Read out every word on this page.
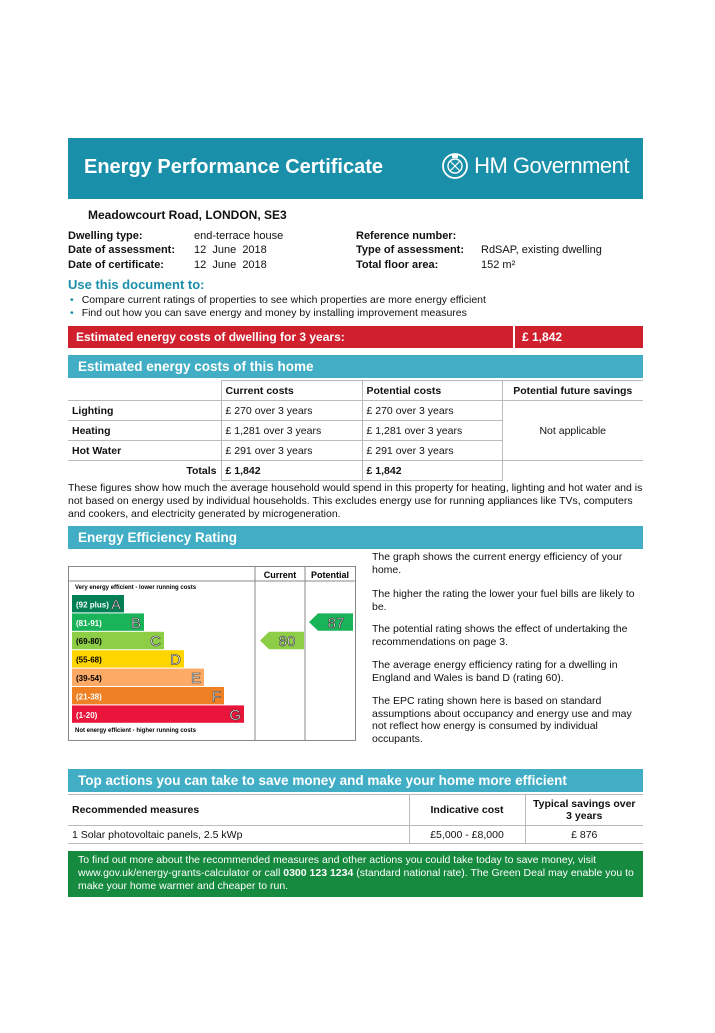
Energy Performance Certificate	HM Government
Meadowcourt Road, LONDON, SE3
Dwelling type:	end-terrace house
Date of assessment: 12  June  2018
Date of certificate:	12  June  2018
Reference number:
Type of assessment: RdSAP, existing dwelling
Total floor area:	152 m²
Use this document to:
• Compare current ratings of properties to see which properties are more energy efficient
• Find out how you can save energy and money by installing improvement measures
Estimated energy costs of dwelling for 3 years:	£ 1,842
Estimated energy costs of this home
	Current costs	Potential costs	Potential future savings
Lighting	£ 270 over 3 years	£ 270 over 3 years	Not applicable
Heating	£ 1,281 over 3 years	£ 1,281 over 3 years	
Hot Water	£ 291 over 3 years	£ 291 over 3 years	
Totals	£ 1,842	£ 1,842	
These figures show how much the average household would spend in this property for heating, lighting and hot water and is not based on energy used by individual households. This excludes energy use for running appliances like TVs, computers and cookers, and electricity generated by microgeneration.
Energy Efficiency Rating
Current Potential
Very energy efficient - lower running costs
Not energy efficient - higher running costs
(92 plus) A
(81-91) B
(69-80)	C
(55-68)	D
(39-54)	E
(21-38)	F
(1-20)	G
80
87
The graph shows the current energy efficiency of your home.
The higher the rating the lower your fuel bills are likely to be.
The potential rating shows the effect of undertaking the recommendations on page 3.
The average energy efficiency rating for a dwelling in England and Wales is band D (rating 60).
The EPC rating shown here is based on standard assumptions about occupancy and energy use and may not reflect how energy is consumed by individual occupants.
Top actions you can take to save money and make your home more efficient
Recommended measures	Indicative cost	Typical savings over 3 years
1 Solar photovoltaic panels, 2.5 kWp	£5,000 - £8,000	£ 876
To find out more about the recommended measures and other actions you could take today to save money, visit www.gov.uk/energy-grants-calculator or call 0300 123 1234 (standard national rate). The Green Deal may enable you to make your home warmer and cheaper to run.
